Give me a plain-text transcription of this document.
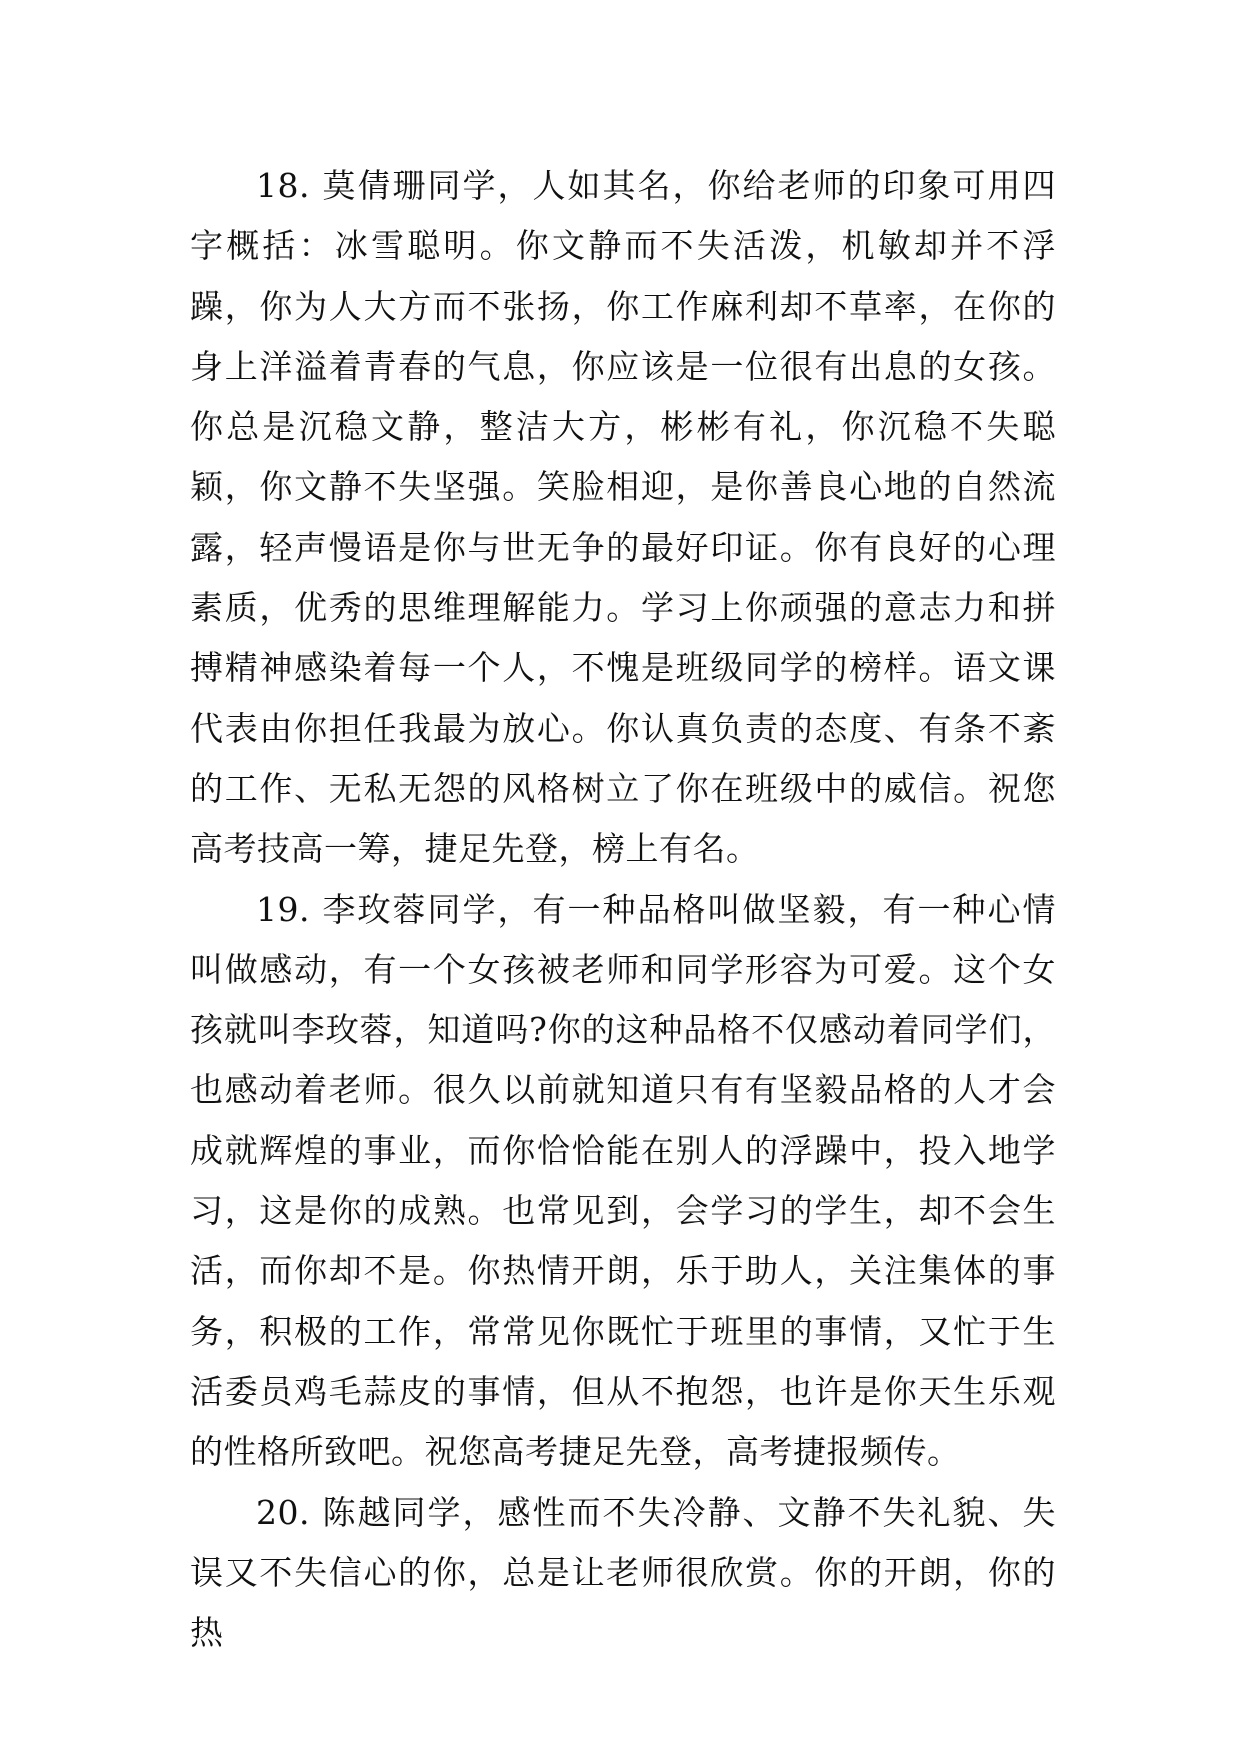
18. 莫倩珊同学，人如其名，你给老师的印象可用四字概括：冰雪聪明。你文静而不失活泼，机敏却并不浮躁，你为人大方而不张扬，你工作麻利却不草率，在你的身上洋溢着青春的气息，你应该是一位很有出息的女孩。你总是沉稳文静，整洁大方，彬彬有礼，你沉稳不失聪颖，你文静不失坚强。笑脸相迎，是你善良心地的自然流露，轻声慢语是你与世无争的最好印证。你有良好的心理素质，优秀的思维理解能力。学习上你顽强的意志力和拼搏精神感染着每一个人，不愧是班级同学的榜样。语文课代表由你担任我最为放心。你认真负责的态度、有条不紊的工作、无私无怨的风格树立了你在班级中的威信。祝您高考技高一筹，捷足先登，榜上有名。

19. 李玫蓉同学，有一种品格叫做坚毅，有一种心情叫做感动，有一个女孩被老师和同学形容为可爱。这个女孩就叫李玫蓉，知道吗?你的这种品格不仅感动着同学们，也感动着老师。很久以前就知道只有有坚毅品格的人才会成就辉煌的事业，而你恰恰能在别人的浮躁中，投入地学习，这是你的成熟。也常见到，会学习的学生，却不会生活，而你却不是。你热情开朗，乐于助人，关注集体的事务，积极的工作，常常见你既忙于班里的事情，又忙于生活委员鸡毛蒜皮的事情，但从不抱怨，也许是你天生乐观的性格所致吧。祝您高考捷足先登，高考捷报频传。

20. 陈越同学，感性而不失冷静、文静不失礼貌、失误又不失信心的你，总是让老师很欣赏。你的开朗，你的热
